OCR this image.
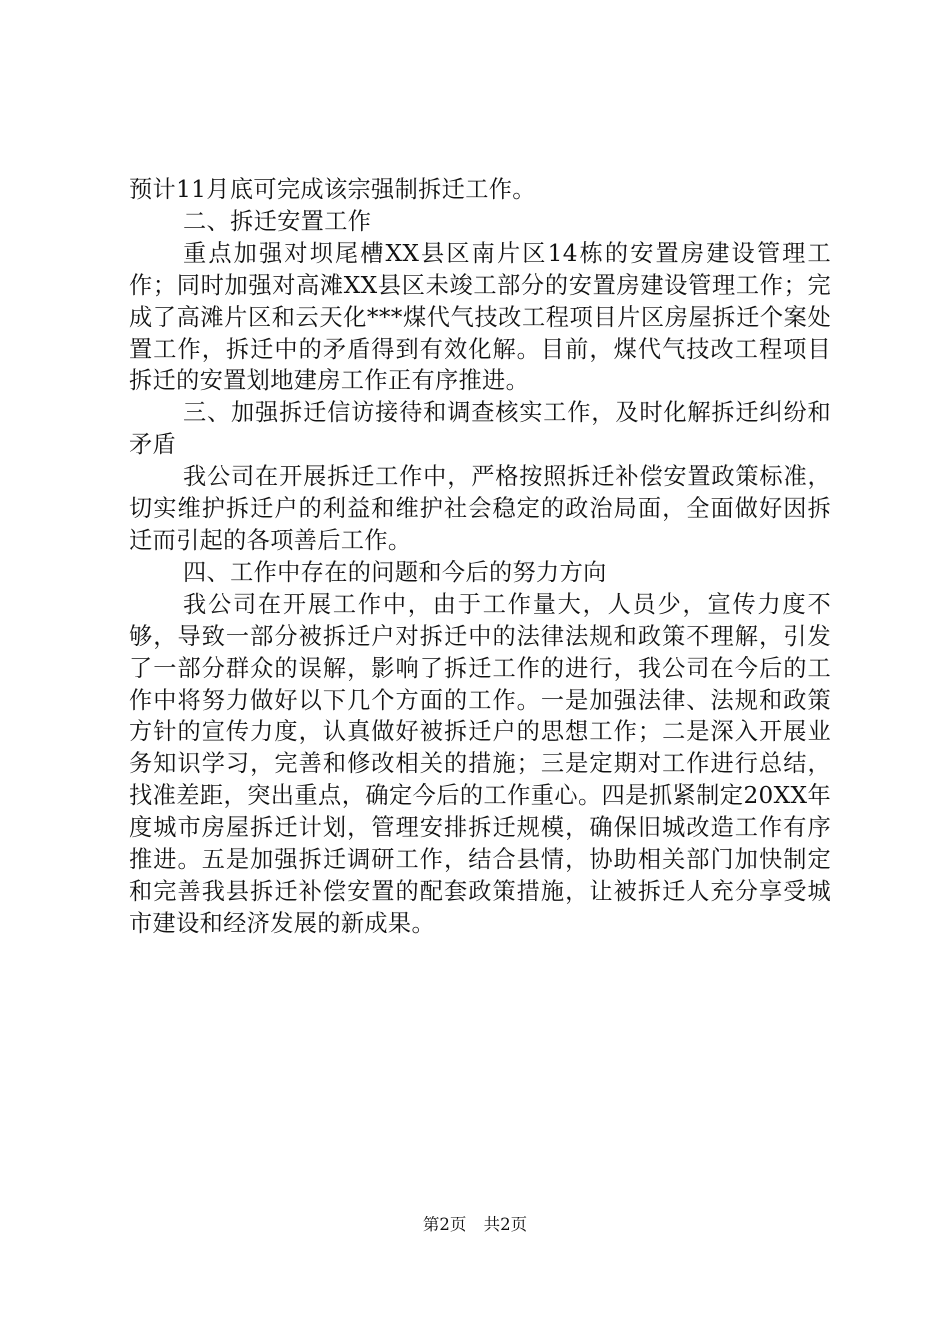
预计11月底可完成该宗强制拆迁工作。

二、拆迁安置工作

重点加强对坝尾槽XX县区南片区14栋的安置房建设管理工作；同时加强对高滩XX县区未竣工部分的安置房建设管理工作；完成了高滩片区和云天化***煤代气技改工程项目片区房屋拆迁个案处置工作，拆迁中的矛盾得到有效化解。目前，煤代气技改工程项目拆迁的安置划地建房工作正有序推进。

三、加强拆迁信访接待和调查核实工作，及时化解拆迁纠纷和矛盾

我公司在开展拆迁工作中，严格按照拆迁补偿安置政策标准，切实维护拆迁户的利益和维护社会稳定的政治局面，全面做好因拆迁而引起的各项善后工作。

四、工作中存在的问题和今后的努力方向

我公司在开展工作中，由于工作量大，人员少，宣传力度不够，导致一部分被拆迁户对拆迁中的法律法规和政策不理解，引发了一部分群众的误解，影响了拆迁工作的进行，我公司在今后的工作中将努力做好以下几个方面的工作。一是加强法律、法规和政策方针的宣传力度，认真做好被拆迁户的思想工作；二是深入开展业务知识学习，完善和修改相关的措施；三是定期对工作进行总结，找准差距，突出重点，确定今后的工作重心。四是抓紧制定20XX年度城市房屋拆迁计划，管理安排拆迁规模，确保旧城改造工作有序推进。五是加强拆迁调研工作，结合县情，协助相关部门加快制定和完善我县拆迁补偿安置的配套政策措施，让被拆迁人充分享受城市建设和经济发展的新成果。

第2页 共2页
